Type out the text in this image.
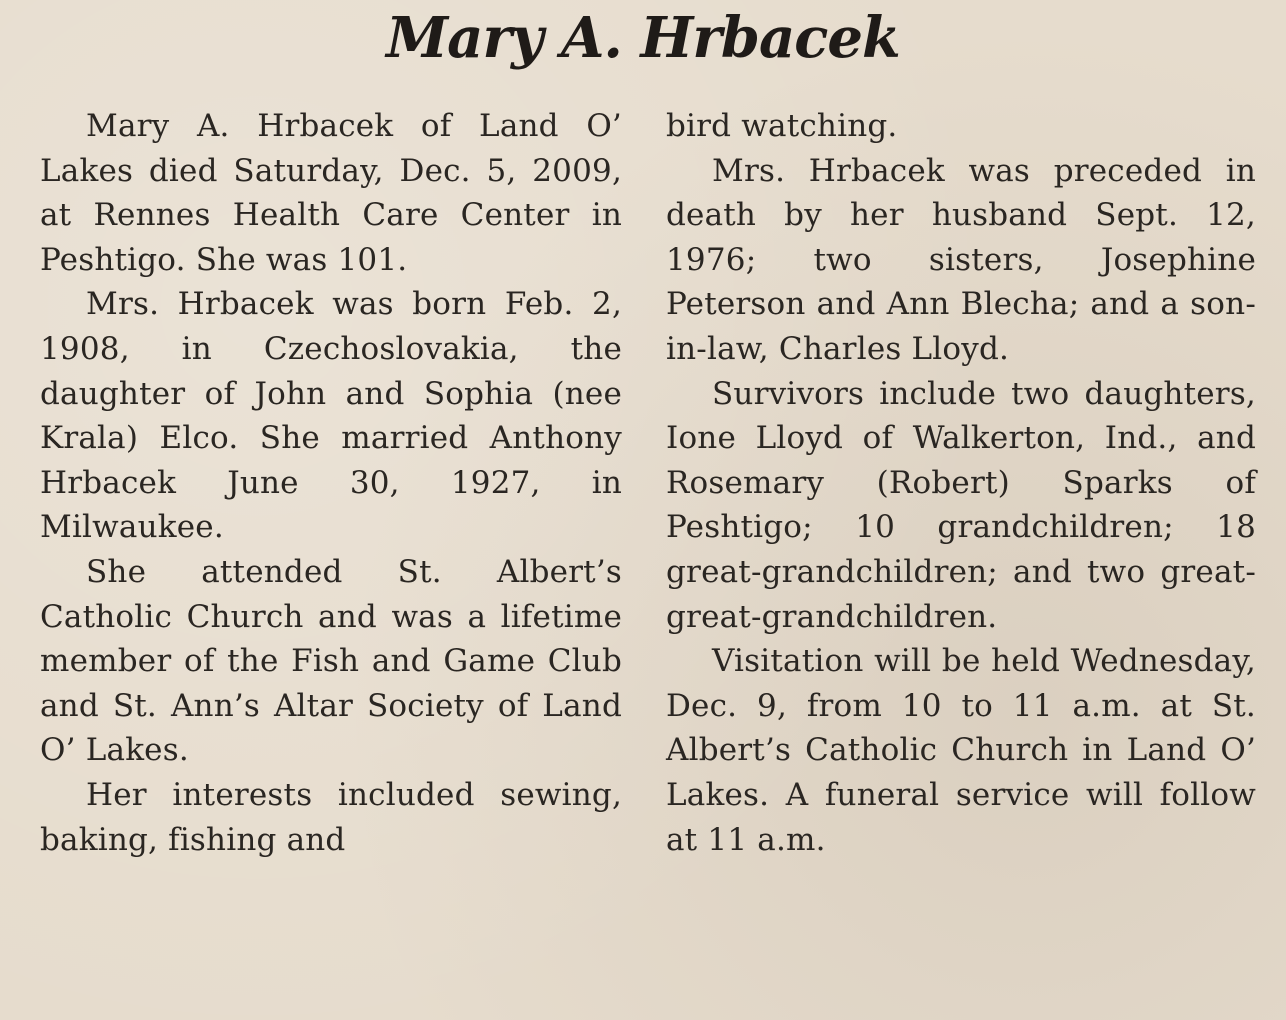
Mary A. Hrbacek

Mary A. Hrbacek of Land O’ Lakes died Saturday, Dec. 5, 2009, at Rennes Health Care Center in Peshtigo. She was 101.

Mrs. Hrbacek was born Feb. 2, 1908, in Czechoslovakia, the daughter of John and Sophia (nee Krala) Elco. She married Anthony Hrbacek June 30, 1927, in Milwaukee.

She attended St. Albert’s Catholic Church and was a lifetime member of the Fish and Game Club and St. Ann’s Altar Society of Land O’ Lakes.

Her interests included sewing, baking, fishing and

bird watching.

Mrs. Hrbacek was preceded in death by her husband Sept. 12, 1976; two sisters, Josephine Peterson and Ann Blecha; and a son-in-law, Charles Lloyd.

Survivors include two daughters, Ione Lloyd of Walkerton, Ind., and Rosemary (Robert) Sparks of Peshtigo; 10 grandchildren; 18 great-grandchildren; and two great-great-grandchildren.

Visitation will be held Wednesday, Dec. 9, from 10 to 11 a.m. at St. Albert’s Catholic Church in Land O’ Lakes. A funeral service will follow at 11 a.m.
